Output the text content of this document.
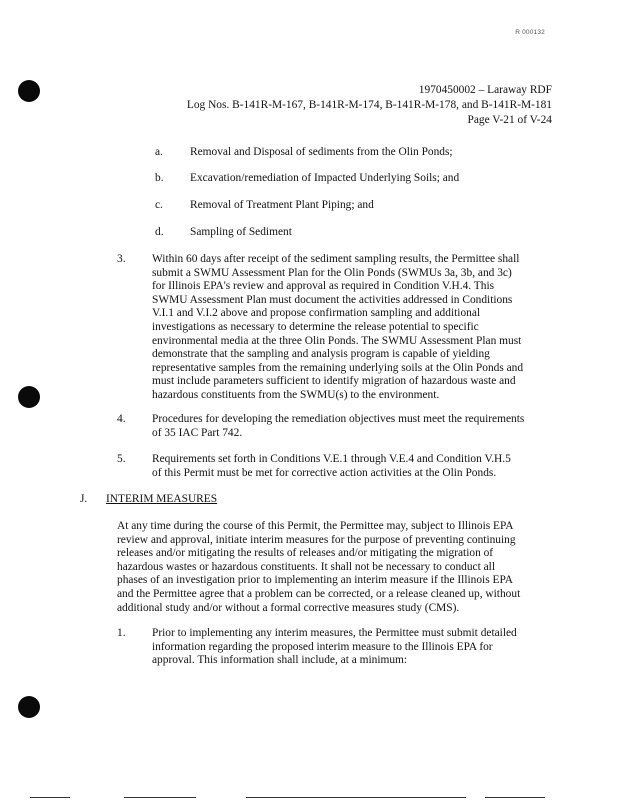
R 000132
1970450002 – Laraway RDF
Log Nos. B-141R-M-167, B-141R-M-174, B-141R-M-178, and B-141R-M-181
Page V-21 of V-24
a. Removal and Disposal of sediments from the Olin Ponds;
b. Excavation/remediation of Impacted Underlying Soils; and
c. Removal of Treatment Plant Piping; and
d. Sampling of Sediment
3. Within 60 days after receipt of the sediment sampling results, the Permittee shall
submit a SWMU Assessment Plan for the Olin Ponds (SWMUs 3a, 3b, and 3c)
for Illinois EPA's review and approval as required in Condition V.H.4. This
SWMU Assessment Plan must document the activities addressed in Conditions
V.I.1 and V.I.2 above and propose confirmation sampling and additional
investigations as necessary to determine the release potential to specific
environmental media at the three Olin Ponds. The SWMU Assessment Plan must
demonstrate that the sampling and analysis program is capable of yielding
representative samples from the remaining underlying soils at the Olin Ponds and
must include parameters sufficient to identify migration of hazardous waste and
hazardous constituents from the SWMU(s) to the environment.
4. Procedures for developing the remediation objectives must meet the requirements
of 35 IAC Part 742.
5. Requirements set forth in Conditions V.E.1 through V.E.4 and Condition V.H.5
of this Permit must be met for corrective action activities at the Olin Ponds.
J. INTERIM MEASURES
At any time during the course of this Permit, the Permittee may, subject to Illinois EPA
review and approval, initiate interim measures for the purpose of preventing continuing
releases and/or mitigating the results of releases and/or mitigating the migration of
hazardous wastes or hazardous constituents. It shall not be necessary to conduct all
phases of an investigation prior to implementing an interim measure if the Illinois EPA
and the Permittee agree that a problem can be corrected, or a release cleaned up, without
additional study and/or without a formal corrective measures study (CMS).
1. Prior to implementing any interim measures, the Permittee must submit detailed
information regarding the proposed interim measure to the Illinois EPA for
approval. This information shall include, at a minimum:
